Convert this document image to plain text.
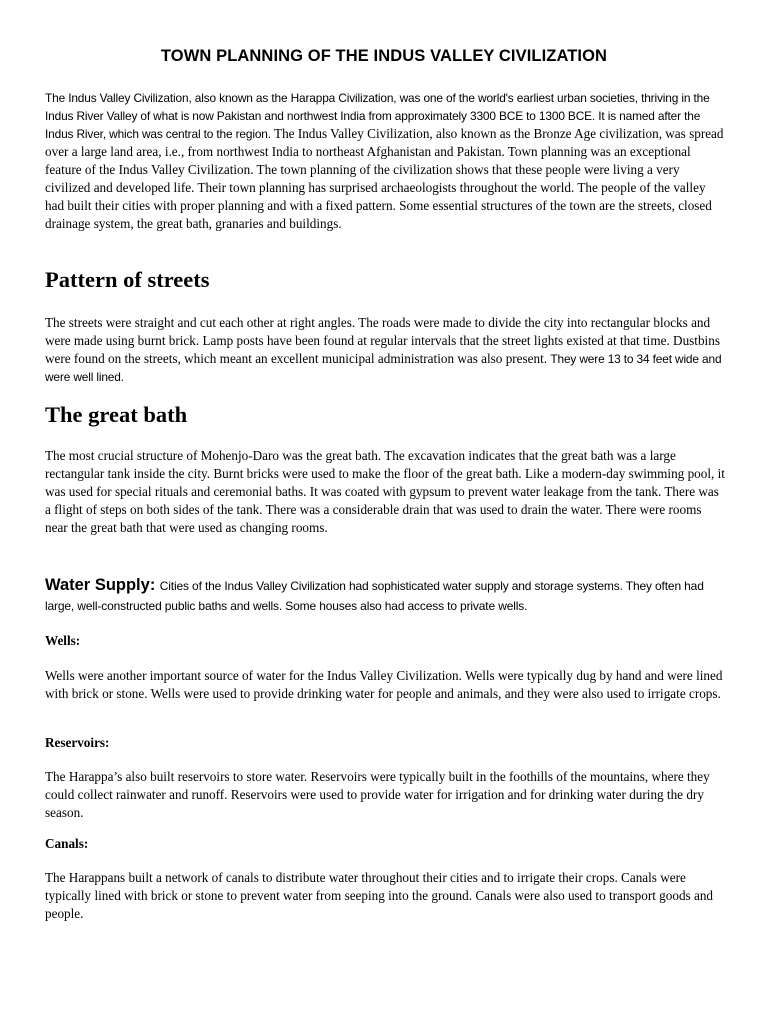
TOWN PLANNING OF THE INDUS VALLEY CIVILIZATION
The Indus Valley Civilization, also known as the Harappa Civilization, was one of the world's earliest urban societies, thriving in the Indus River Valley of what is now Pakistan and northwest India from approximately 3300 BCE to 1300 BCE. It is named after the Indus River, which was central to the region. The Indus Valley Civilization, also known as the Bronze Age civilization, was spread over a large land area, i.e., from northwest India to northeast Afghanistan and Pakistan. Town planning was an exceptional feature of the Indus Valley Civilization. The town planning of the civilization shows that these people were living a very civilized and developed life. Their town planning has surprised archaeologists throughout the world. The people of the valley had built their cities with proper planning and with a fixed pattern. Some essential structures of the town are the streets, closed drainage system, the great bath, granaries and buildings.
Pattern of streets
The streets were straight and cut each other at right angles. The roads were made to divide the city into rectangular blocks and were made using burnt brick. Lamp posts have been found at regular intervals that the street lights existed at that time. Dustbins were found on the streets, which meant an excellent municipal administration was also present. They were 13 to 34 feet wide and were well lined.
The great bath
The most crucial structure of Mohenjo-Daro was the great bath. The excavation indicates that the great bath was a large rectangular tank inside the city. Burnt bricks were used to make the floor of the great bath. Like a modern-day swimming pool, it was used for special rituals and ceremonial baths. It was coated with gypsum to prevent water leakage from the tank. There was a flight of steps on both sides of the tank. There was a considerable drain that was used to drain the water. There were rooms near the great bath that were used as changing rooms.
Water Supply: Cities of the Indus Valley Civilization had sophisticated water supply and storage systems. They often had large, well-constructed public baths and wells. Some houses also had access to private wells.
Wells:
Wells were another important source of water for the Indus Valley Civilization. Wells were typically dug by hand and were lined with brick or stone. Wells were used to provide drinking water for people and animals, and they were also used to irrigate crops.
Reservoirs:
The Harappa’s also built reservoirs to store water. Reservoirs were typically built in the foothills of the mountains, where they could collect rainwater and runoff. Reservoirs were used to provide water for irrigation and for drinking water during the dry season.
Canals:
The Harappans built a network of canals to distribute water throughout their cities and to irrigate their crops. Canals were typically lined with brick or stone to prevent water from seeping into the ground. Canals were also used to transport goods and people.
